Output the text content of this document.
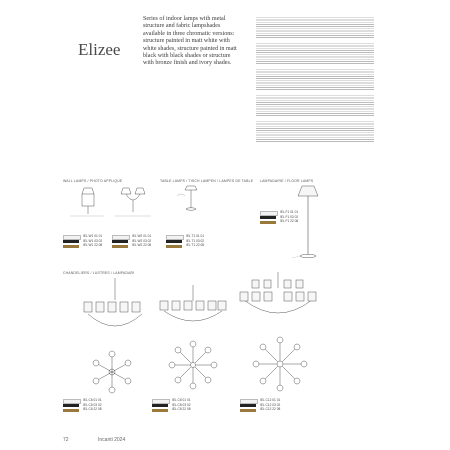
Elizee
Series of indoor lamps with metal structure and fabric lampshades available in three chromatic versions: structure painted in matt white with white shades, structure painted in matt black with black shades or structure with bronze finish and ivory shades.
WALL LAMPS / PHOTO APPLIQUE	TABLE LAMPS / TISCH LAMPEN / LAMPES DE TABLE LAMPADAIRE / FLOOR LAMPS
CHANDELIERS / LUSTRES / LAMPADARI
IEL W1 01 01
IEL W1 03 02
IEL W1 22 08
IEL W2 01 01
IEL W2 03 02
IEL W2 22 08
IEL T1 01 01
IEL T1 03 02
IEL T1 22 08
IEL F1 01 01
IEL F1 03 02
IEL F1 22 08
IEL C6 01 01
IEL C6 03 02
IEL C6 22 08
IEL C8 01 01
IEL C8 03 02
IEL C8 22 08
IEL C12 01 01
IEL C12 03 02
IEL C12 22 08
72	Incanti 2024
